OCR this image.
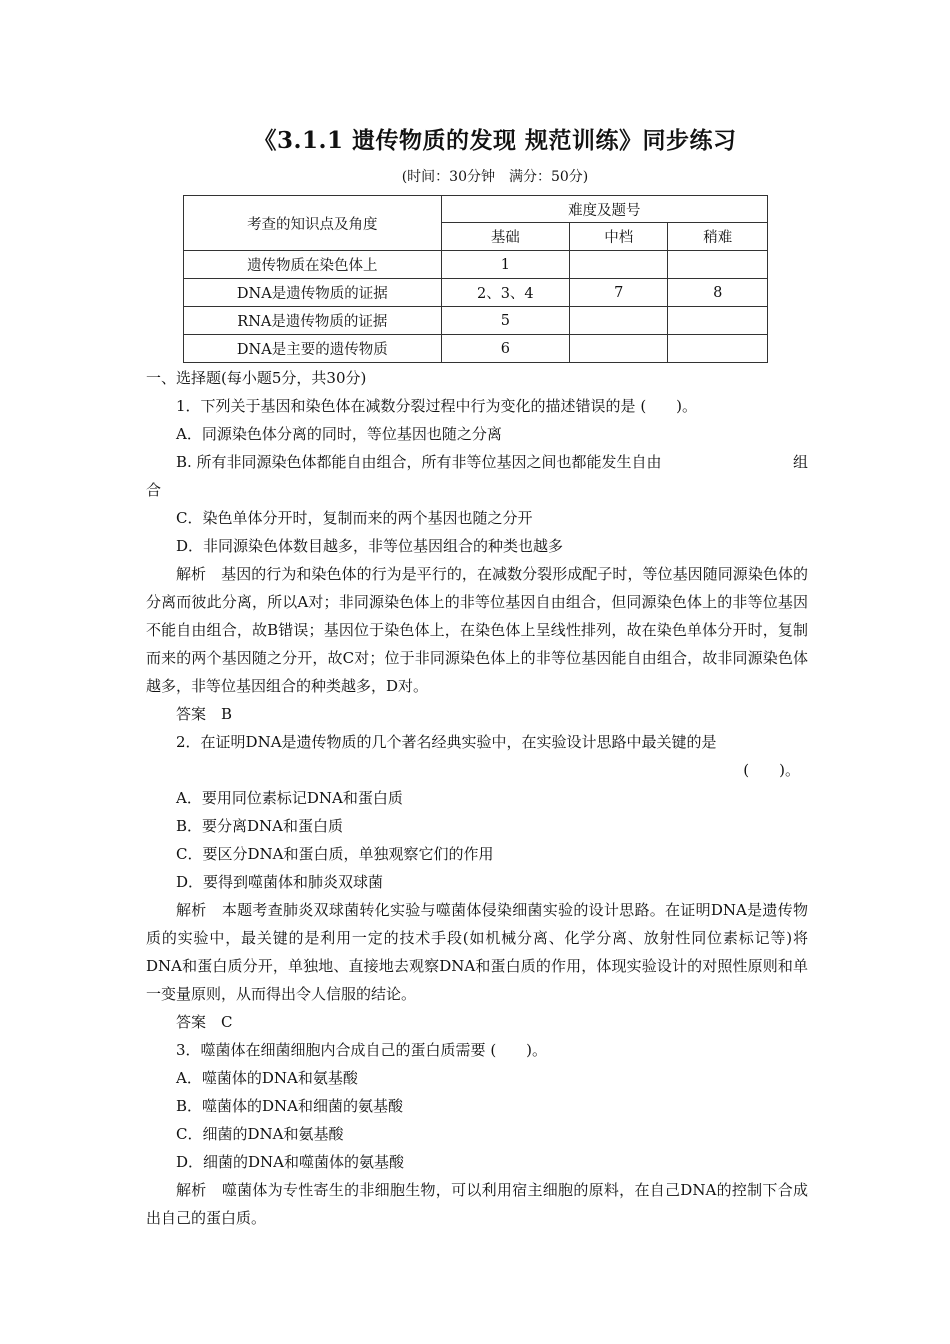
《3.1.1 遗传物质的发现 规范训练》同步练习
(时间：30分钟　满分：50分)
考查的知识点及角度	难度及题号		
	基础	中档	稍难
遗传物质在染色体上	1		
DNA是遗传物质的证据	2、3、4	7	8
RNA是遗传物质的证据	5		
DNA是主要的遗传物质	6		

一、选择题(每小题5分，共30分)

1．下列关于基因和染色体在减数分裂过程中行为变化的描述错误的是 (　　)。

A．同源染色体分离的同时，等位基因也随之分离

B. 所有非同源染色体都能自由组合，所有非等位基因之间也都能发生自由	组

合

C．染色单体分开时，复制而来的两个基因也随之分开

D．非同源染色体数目越多，非等位基因组合的种类也越多

解析　基因的行为和染色体的行为是平行的，在减数分裂形成配子时，等位基因随同源染色体的分离而彼此分离，所以A对；非同源染色体上的非等位基因自由组合，但同源染色体上的非等位基因不能自由组合，故B错误；基因位于染色体上，在染色体上呈线性排列，故在染色单体分开时，复制而来的两个基因随之分开，故C对；位于非同源染色体上的非等位基因能自由组合，故非同源染色体越多，非等位基因组合的种类越多，D对。

答案　B

2．在证明DNA是遗传物质的几个著名经典实验中，在实验设计思路中最关键的是

(　　)。

A．要用同位素标记DNA和蛋白质

B．要分离DNA和蛋白质

C．要区分DNA和蛋白质，单独观察它们的作用

D．要得到噬菌体和肺炎双球菌

解析　本题考查肺炎双球菌转化实验与噬菌体侵染细菌实验的设计思路。在证明DNA是遗传物质的实验中，最关键的是利用一定的技术手段(如机械分离、化学分离、放射性同位素标记等)将DNA和蛋白质分开，单独地、直接地去观察DNA和蛋白质的作用，体现实验设计的对照性原则和单一变量原则，从而得出令人信服的结论。

答案　C

3．噬菌体在细菌细胞内合成自己的蛋白质需要 (　　)。

A．噬菌体的DNA和氨基酸

B．噬菌体的DNA和细菌的氨基酸

C．细菌的DNA和氨基酸

D．细菌的DNA和噬菌体的氨基酸

解析　噬菌体为专性寄生的非细胞生物，可以利用宿主细胞的原料，在自己DNA的控制下合成出自己的蛋白质。
